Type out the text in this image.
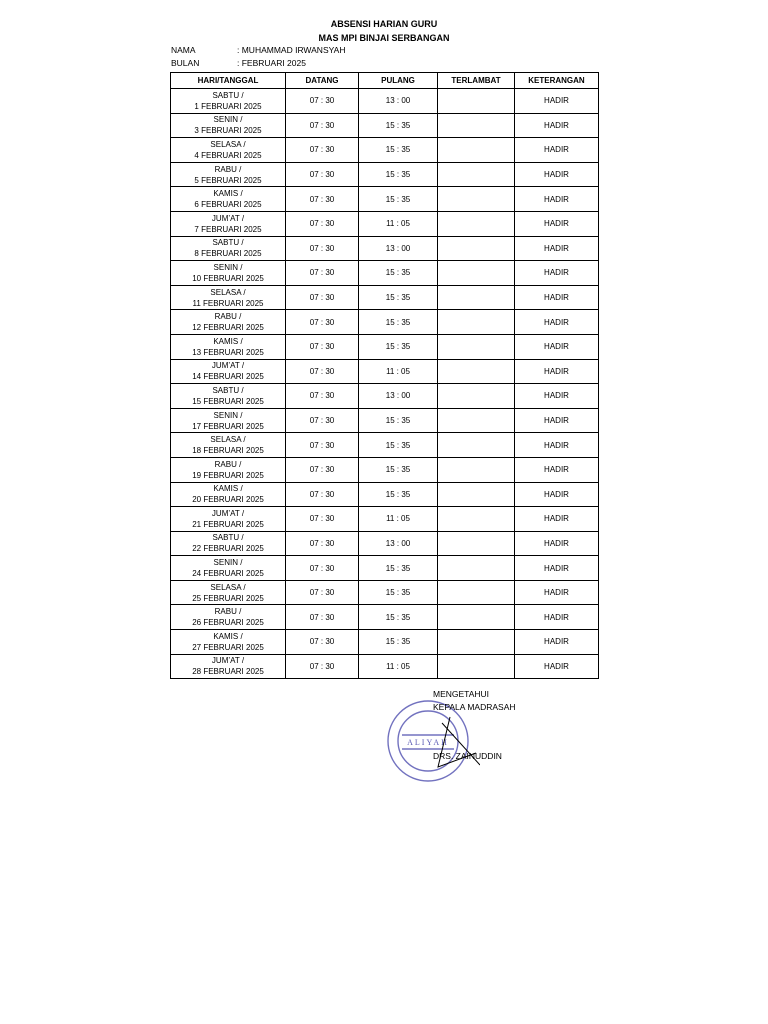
ABSENSI HARIAN GURU
MAS MPI BINJAI SERBANGAN
NAMA	: MUHAMMAD IRWANSYAH
BULAN	: FEBRUARI 2025
HARI/TANGGAL	DATANG	PULANG	TERLAMBAT	KETERANGAN

SABTU /
1 FEBRUARI 2025	07 : 30	13 : 00		HADIR

SENIN /
3 FEBRUARI 2025	07 : 30	15 : 35		HADIR

SELASA /
4 FEBRUARI 2025	07 : 30	15 : 35		HADIR

RABU /
5 FEBRUARI 2025	07 : 30	15 : 35		HADIR

KAMIS /
6 FEBRUARI 2025	07 : 30	15 : 35		HADIR

JUM’AT /
7 FEBRUARI 2025	07 : 30	11 : 05		HADIR

SABTU /
8 FEBRUARI 2025	07 : 30	13 : 00		HADIR

SENIN /
10 FEBRUARI 2025	07 : 30	15 : 35		HADIR

SELASA /
11 FEBRUARI 2025	07 : 30	15 : 35		HADIR

RABU /
12 FEBRUARI 2025	07 : 30	15 : 35		HADIR

KAMIS /
13 FEBRUARI 2025	07 : 30	15 : 35		HADIR

JUM’AT /
14 FEBRUARI 2025	07 : 30	11 : 05		HADIR

SABTU /
15 FEBRUARI 2025	07 : 30	13 : 00		HADIR

SENIN /
17 FEBRUARI 2025	07 : 30	15 : 35		HADIR

SELASA /
18 FEBRUARI 2025	07 : 30	15 : 35		HADIR

RABU /
19 FEBRUARI 2025	07 : 30	15 : 35		HADIR

KAMIS /
20 FEBRUARI 2025	07 : 30	15 : 35		HADIR

JUM’AT /
21 FEBRUARI 2025	07 : 30	11 : 05		HADIR

SABTU /
22 FEBRUARI 2025	07 : 30	13 : 00		HADIR

SENIN /
24 FEBRUARI 2025	07 : 30	15 : 35		HADIR

SELASA /
25 FEBRUARI 2025	07 : 30	15 : 35		HADIR

RABU /
26 FEBRUARI 2025	07 : 30	15 : 35		HADIR

KAMIS /
27 FEBRUARI 2025	07 : 30	15 : 35		HADIR

JUM’AT /
28 FEBRUARI 2025	07 : 30	11 : 05		HADIR
ALIYAH
MENGETAHUI
KEPALA MADRASAH
DRS. ZAINUDDIN
